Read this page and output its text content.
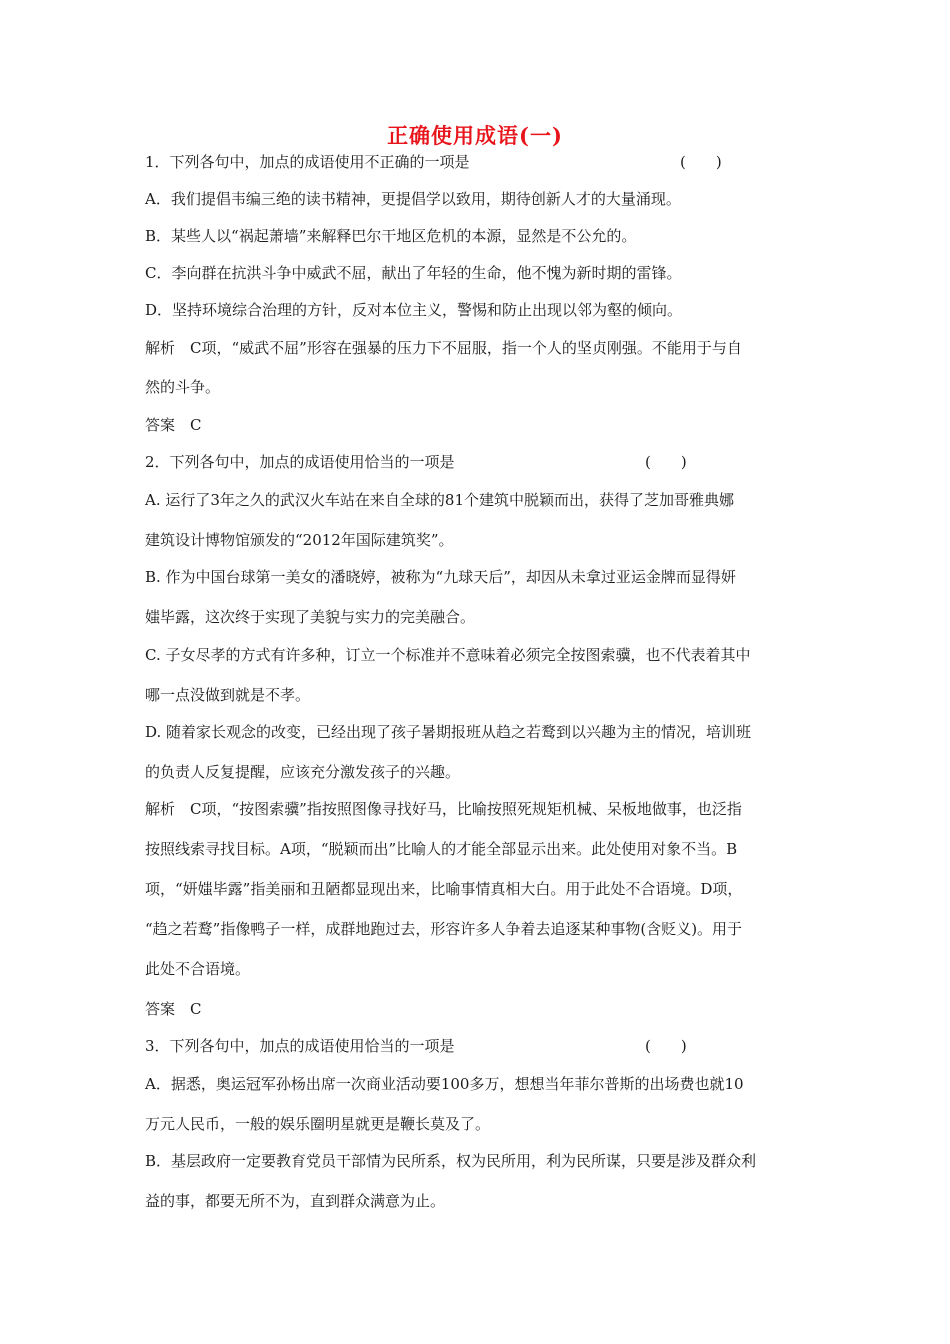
正确使用成语(一)
1．下列各句中，加点的成语使用不正确的一项是	(　　)
A．我们提倡韦编三绝的读书精神，更提倡学以致用，期待创新人才的大量涌现。
B．某些人以“祸起萧墙”来解释巴尔干地区危机的本源，显然是不公允的。
C．李向群在抗洪斗争中威武不屈，献出了年轻的生命，他不愧为新时期的雷锋。
D．坚持环境综合治理的方针，反对本位主义，警惕和防止出现以邻为壑的倾向。
解析　C项，“威武不屈”形容在强暴的压力下不屈服，指一个人的坚贞刚强。不能用于与自
然的斗争。
答案　C
2．下列各句中，加点的成语使用恰当的一项是	(　　)
A. 运行了3年之久的武汉火车站在来自全球的81个建筑中脱颖而出，获得了芝加哥雅典娜
建筑设计博物馆颁发的“2012年国际建筑奖”。
B. 作为中国台球第一美女的潘晓婷，被称为“九球天后”，却因从未拿过亚运金牌而显得妍
媸毕露，这次终于实现了美貌与实力的完美融合。
C. 子女尽孝的方式有许多种，订立一个标准并不意味着必须完全按图索骥，也不代表着其中
哪一点没做到就是不孝。
D. 随着家长观念的改变，已经出现了孩子暑期报班从趋之若鹜到以兴趣为主的情况，培训班
的负责人反复提醒，应该充分激发孩子的兴趣。
解析　C项，“按图索骥”指按照图像寻找好马，比喻按照死规矩机械、呆板地做事，也泛指
按照线索寻找目标。A项，“脱颖而出”比喻人的才能全部显示出来。此处使用对象不当。B
项，“妍媸毕露”指美丽和丑陋都显现出来，比喻事情真相大白。用于此处不合语境。D项，
“趋之若鹜”指像鸭子一样，成群地跑过去，形容许多人争着去追逐某种事物(含贬义)。用于
此处不合语境。
答案　C
3．下列各句中，加点的成语使用恰当的一项是	(　　)
A．据悉，奥运冠军孙杨出席一次商业活动要100多万，想想当年菲尔普斯的出场费也就10
万元人民币，一般的娱乐圈明星就更是鞭长莫及了。
B．基层政府一定要教育党员干部情为民所系，权为民所用，利为民所谋，只要是涉及群众利
益的事，都要无所不为，直到群众满意为止。
